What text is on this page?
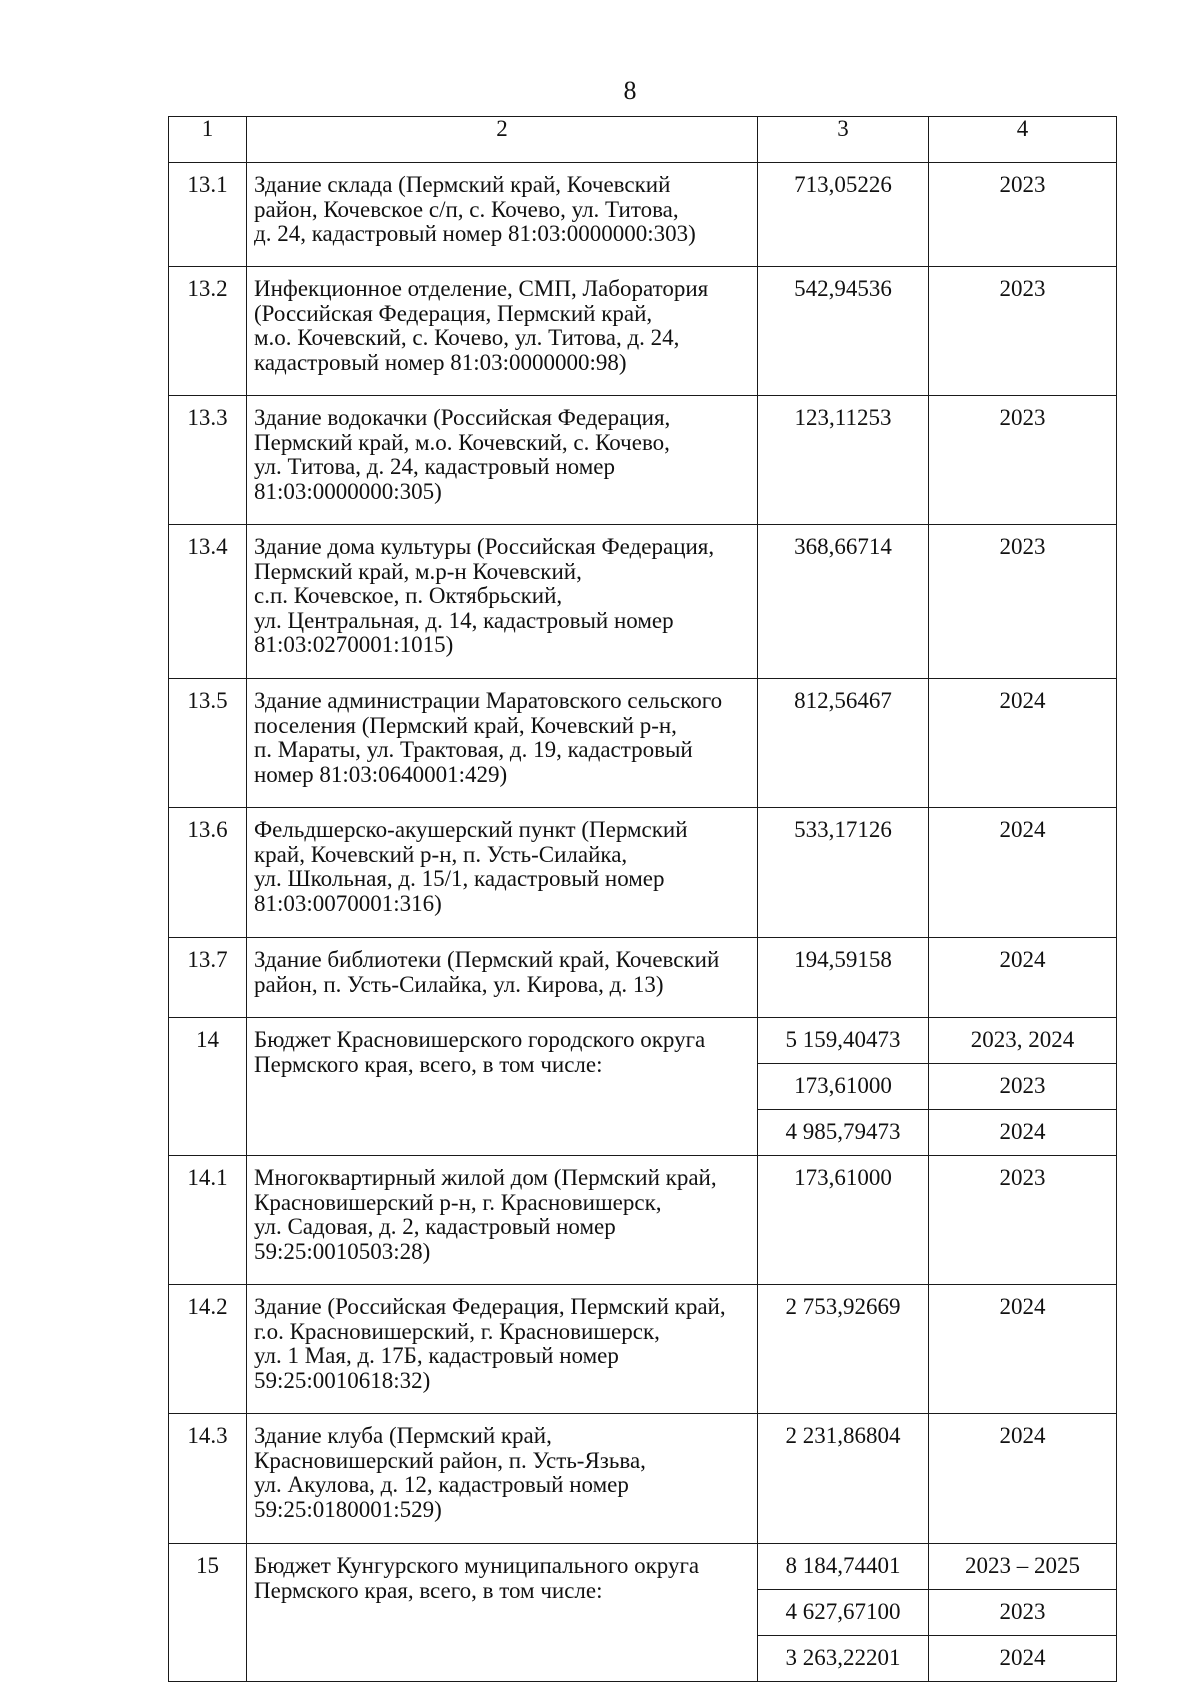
8
1	2	3	4
13.1	Здание склада (Пермский край, Кочевский
район, Кочевское с/п, с. Кочево, ул. Титова,
д. 24, кадастровый номер 81:03:0000000:303)	713,05226	2023
13.2	Инфекционное отделение, СМП, Лаборатория
(Российская Федерация, Пермский край,
м.о. Кочевский, с. Кочево, ул. Титова, д. 24,
кадастровый номер 81:03:0000000:98)	542,94536	2023
13.3	Здание водокачки (Российская Федерация,
Пермский край, м.о. Кочевский, с. Кочево,
ул. Титова, д. 24, кадастровый номер
81:03:0000000:305)	123,11253	2023
13.4	Здание дома культуры (Российская Федерация,
Пермский край, м.р-н Кочевский,
с.п. Кочевское, п. Октябрьский,
ул. Центральная, д. 14, кадастровый номер
81:03:0270001:1015)	368,66714	2023
13.5	Здание администрации Маратовского сельского
поселения (Пермский край, Кочевский р-н,
п. Мараты, ул. Трактовая, д. 19, кадастровый
номер 81:03:0640001:429)	812,56467	2024
13.6	Фельдшерско-акушерский пункт (Пермский
край, Кочевский р-н, п. Усть-Силайка,
ул. Школьная, д. 15/1, кадастровый номер
81:03:0070001:316)	533,17126	2024
13.7	Здание библиотеки (Пермский край, Кочевский
район, п. Усть-Силайка, ул. Кирова, д. 13)	194,59158	2024
14	Бюджет Красновишерского городского округа
Пермского края, всего, в том числе:	5 159,40473	2023, 2024
		173,61000	2023
		4 985,79473	2024
14.1	Многоквартирный жилой дом (Пермский край,
Красновишерский р-н, г. Красновишерск,
ул. Садовая, д. 2, кадастровый номер
59:25:0010503:28)	173,61000	2023
14.2	Здание (Российская Федерация, Пермский край,
г.о. Красновишерский, г. Красновишерск,
ул. 1 Мая, д. 17Б, кадастровый номер
59:25:0010618:32)	2 753,92669	2024
14.3	Здание клуба (Пермский край,
Красновишерский район, п. Усть-Язьва,
ул. Акулова, д. 12, кадастровый номер
59:25:0180001:529)	2 231,86804	2024
15	Бюджет Кунгурского муниципального округа
Пермского края, всего, в том числе:	8 184,74401	2023 – 2025
		4 627,67100	2023
		3 263,22201	2024
